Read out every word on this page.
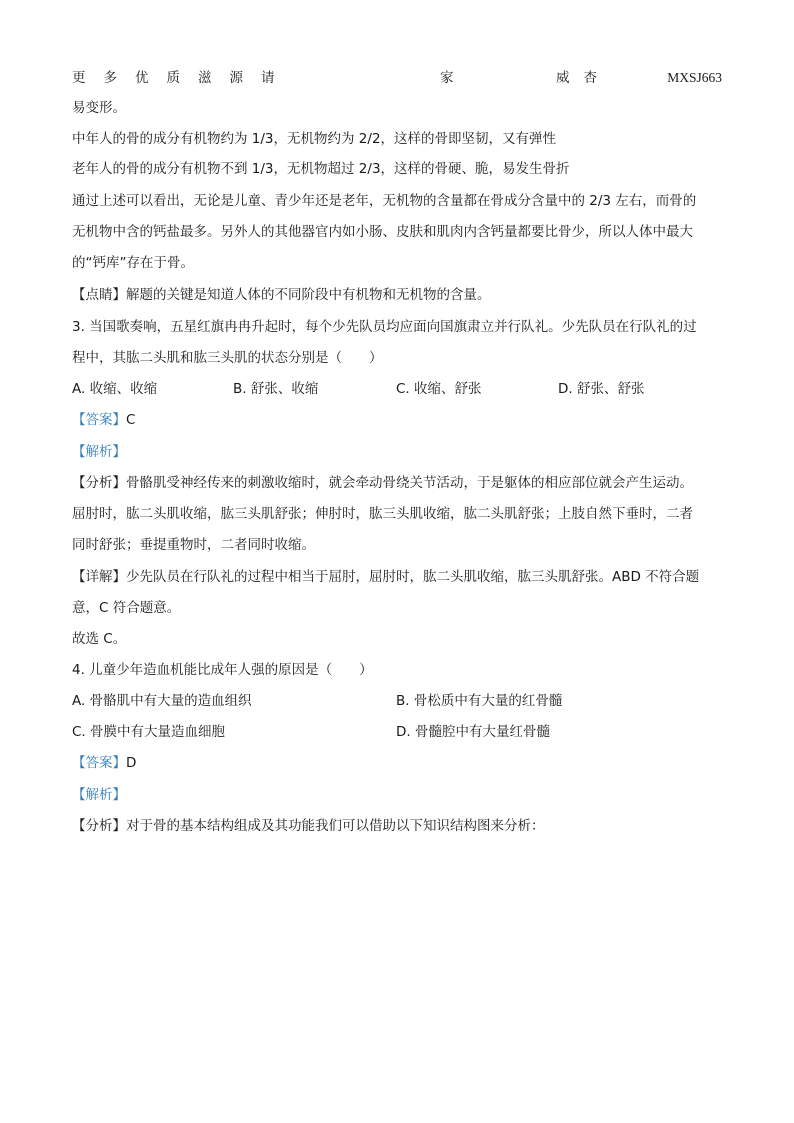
更多优质滋源请	家	威杏	MXSJ663
易变形。
中年人的骨的成分有机物约为 1/3，无机物约为 2/2，这样的骨即坚韧，又有弹性
老年人的骨的成分有机物不到 1/3，无机物超过 2/3，这样的骨硬、脆，易发生骨折
通过上述可以看出，无论是儿童、青少年还是老年，无机物的含量都在骨成分含量中的 2/3 左右，而骨的
无机物中含的钙盐最多。另外人的其他器官内如小肠、皮肤和肌肉内含钙量都要比骨少，所以人体中最大
的“钙库”存在于骨。
【点睛】解题的关键是知道人体的不同阶段中有机物和无机物的含量。
3. 当国歌奏响，五星红旗冉冉升起时，每个少先队员均应面向国旗肃立并行队礼。少先队员在行队礼的过
程中，其肱二头肌和肱三头肌的状态分别是（　　）
A. 收缩、收缩	B. 舒张、收缩	C. 收缩、舒张	D. 舒张、舒张
【答案】C
【解析】
【分析】骨骼肌受神经传来的刺激收缩时，就会牵动骨绕关节活动，于是躯体的相应部位就会产生运动。
屈肘时，肱二头肌收缩，肱三头肌舒张；伸肘时，肱三头肌收缩，肱二头肌舒张；上肢自然下垂时，二者
同时舒张；垂提重物时，二者同时收缩。
【详解】少先队员在行队礼的过程中相当于屈肘，屈肘时，肱二头肌收缩，肱三头肌舒张。ABD 不符合题
意，C 符合题意。
故选 C。
4. 儿童少年造血机能比成年人强的原因是（　　）
A. 骨骼肌中有大量的造血组织	B. 骨松质中有大量的红骨髓
C. 骨膜中有大量造血细胞	D. 骨髓腔中有大量红骨髓
【答案】D
【解析】
【分析】对于骨的基本结构组成及其功能我们可以借助以下知识结构图来分析：
